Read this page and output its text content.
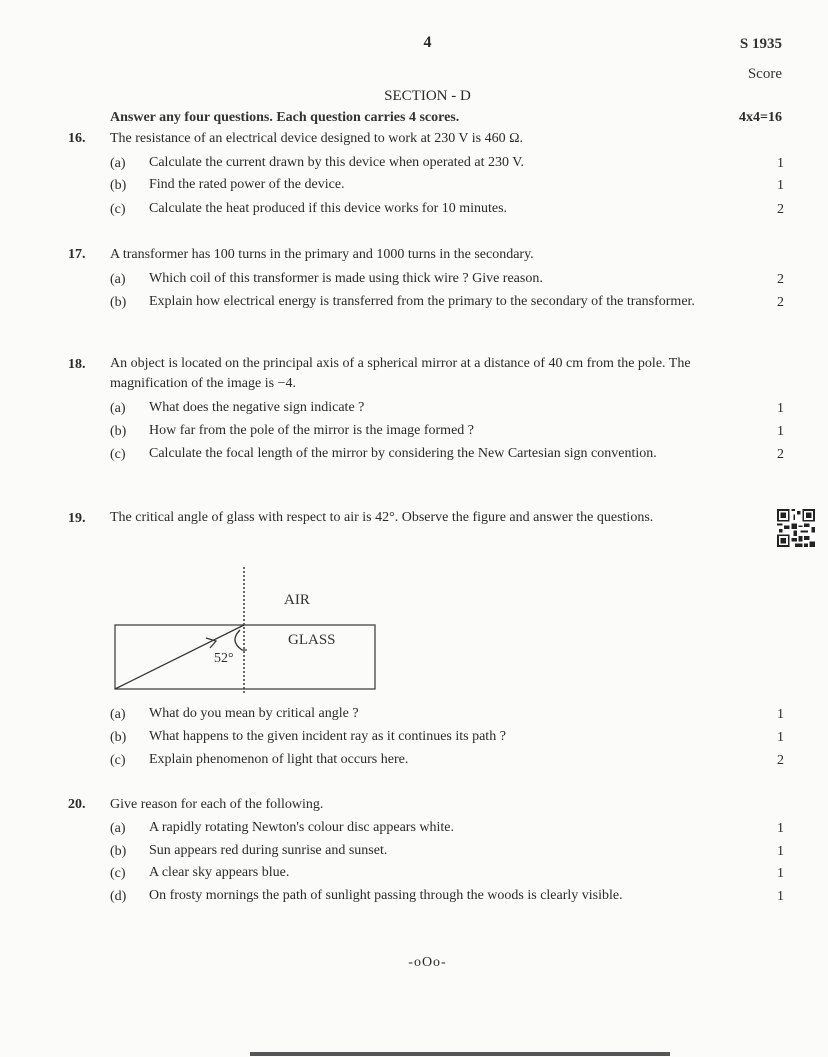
4	S 1935
Score
SECTION - D
Answer any four questions. Each question carries 4 scores.	4x4=16
16. The resistance of an electrical device designed to work at 230 V is 460 Ω.
(a)	Calculate the current drawn by this device when operated at 230 V.	1
(b)	Find the rated power of the device.	1
(c)	Calculate the heat produced if this device works for 10 minutes.	2
17. A transformer has 100 turns in the primary and 1000 turns in the secondary.
(a)	Which coil of this transformer is made using thick wire ? Give reason.	2
(b)	Explain how electrical energy is transferred from the primary to the secondary of the transformer.	2
18. An object is located on the principal axis of a spherical mirror at a distance of 40 cm from the pole. The magnification of the image is −4.
(a)	What does the negative sign indicate ?	1
(b)	How far from the pole of the mirror is the image formed ?	1
(c)	Calculate the focal length of the mirror by considering the New Cartesian sign convention.	2
19. The critical angle of glass with respect to air is 42°. Observe the figure and answer the questions.
(a)	What do you mean by critical angle ?	1
(b)	What happens to the given incident ray as it continues its path ?	1
(c)	Explain phenomenon of light that occurs here.	2
AIR
GLASS
52°
20. Give reason for each of the following.
(a)	A rapidly rotating Newton's colour disc appears white.	1
(b)	Sun appears red during sunrise and sunset.	1
(c)	A clear sky appears blue.	1
(d)	On frosty mornings the path of sunlight passing through the woods is clearly visible.	1
-oOo-
